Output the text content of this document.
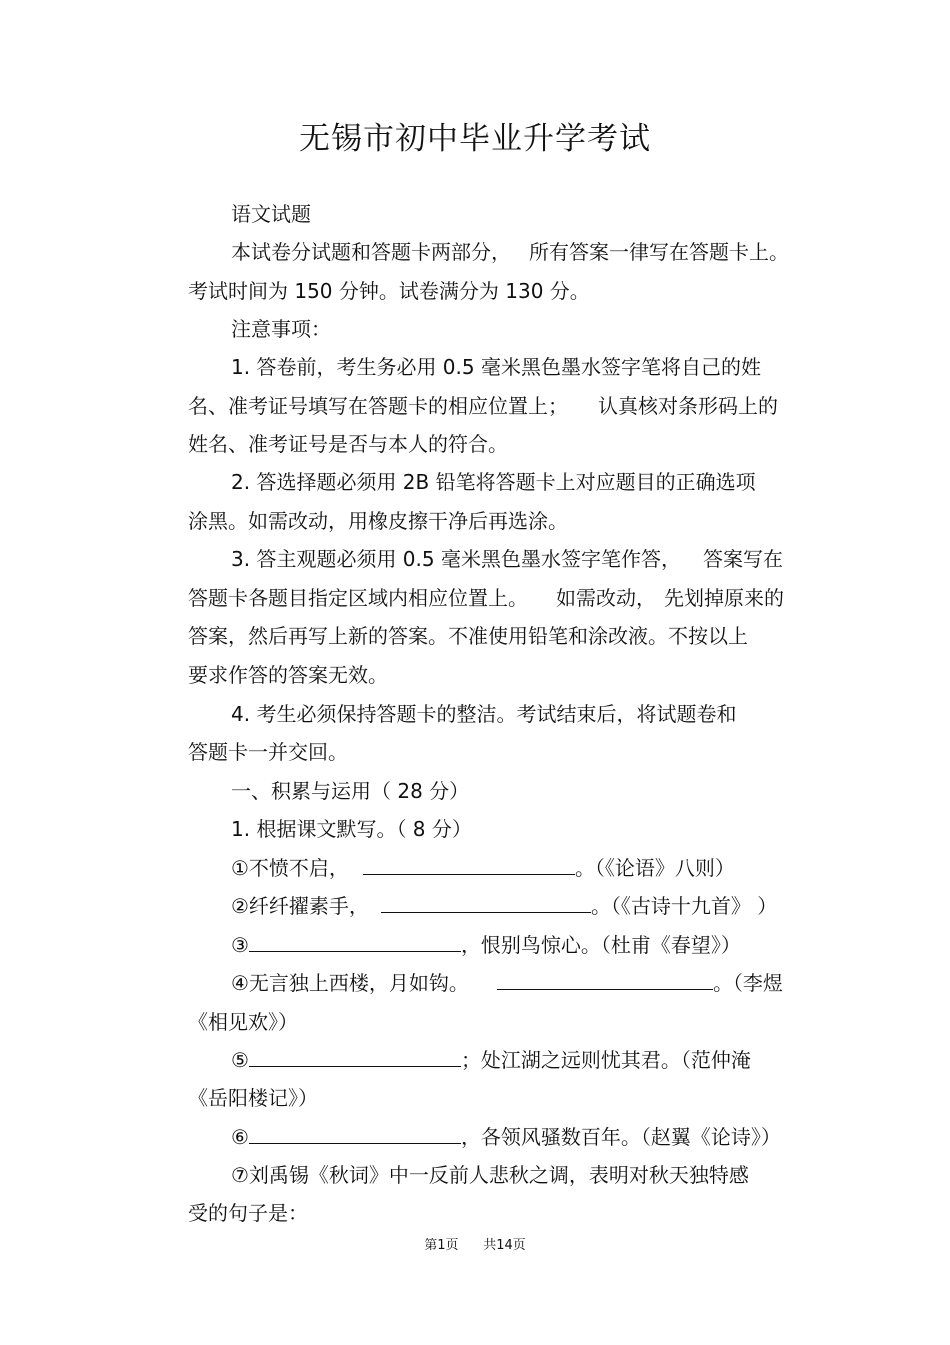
无锡市初中毕业升学考试
语文试题
本试卷分试题和答题卡两部分， 所有答案一律写在答题卡上。
考试时间为 150 分钟。试卷满分为 130 分。
注意事项：
1. 答卷前，考生务必用 0.5 毫米黑色墨水签字笔将自己的姓
名、准考证号填写在答题卡的相应位置上； 认真核对条形码上的
姓名、准考证号是否与本人的符合。
2. 答选择题必须用 2B 铅笔将答题卡上对应题目的正确选项
涂黑。如需改动，用橡皮擦干净后再选涂。
3. 答主观题必须用 0.5 毫米黑色墨水签字笔作答， 答案写在
答题卡各题目指定区域内相应位置上。 如需改动， 先划掉原来的
答案，然后再写上新的答案。不准使用铅笔和涂改液。不按以上
要求作答的答案无效。
4. 考生必须保持答题卡的整洁。考试结束后，将试题卷和
答题卡一并交回。
一、积累与运用（ 28 分）
1. 根据课文默写。（ 8 分）
①不愤不启，	。（《论语》八则）
②纤纤擢素手，	。（《古诗十九首》 ）
③	，恨别鸟惊心。（杜甫《春望》）
④无言独上西楼，月如钩。	。（李煜
《相见欢》）
⑤	；处江湖之远则忧其君。（范仲淹
《岳阳楼记》）
⑥	，各领风骚数百年。（赵翼《论诗》）
⑦刘禹锡《秋词》中一反前人悲秋之调，表明对秋天独特感
受的句子是：
第1页      共14页
